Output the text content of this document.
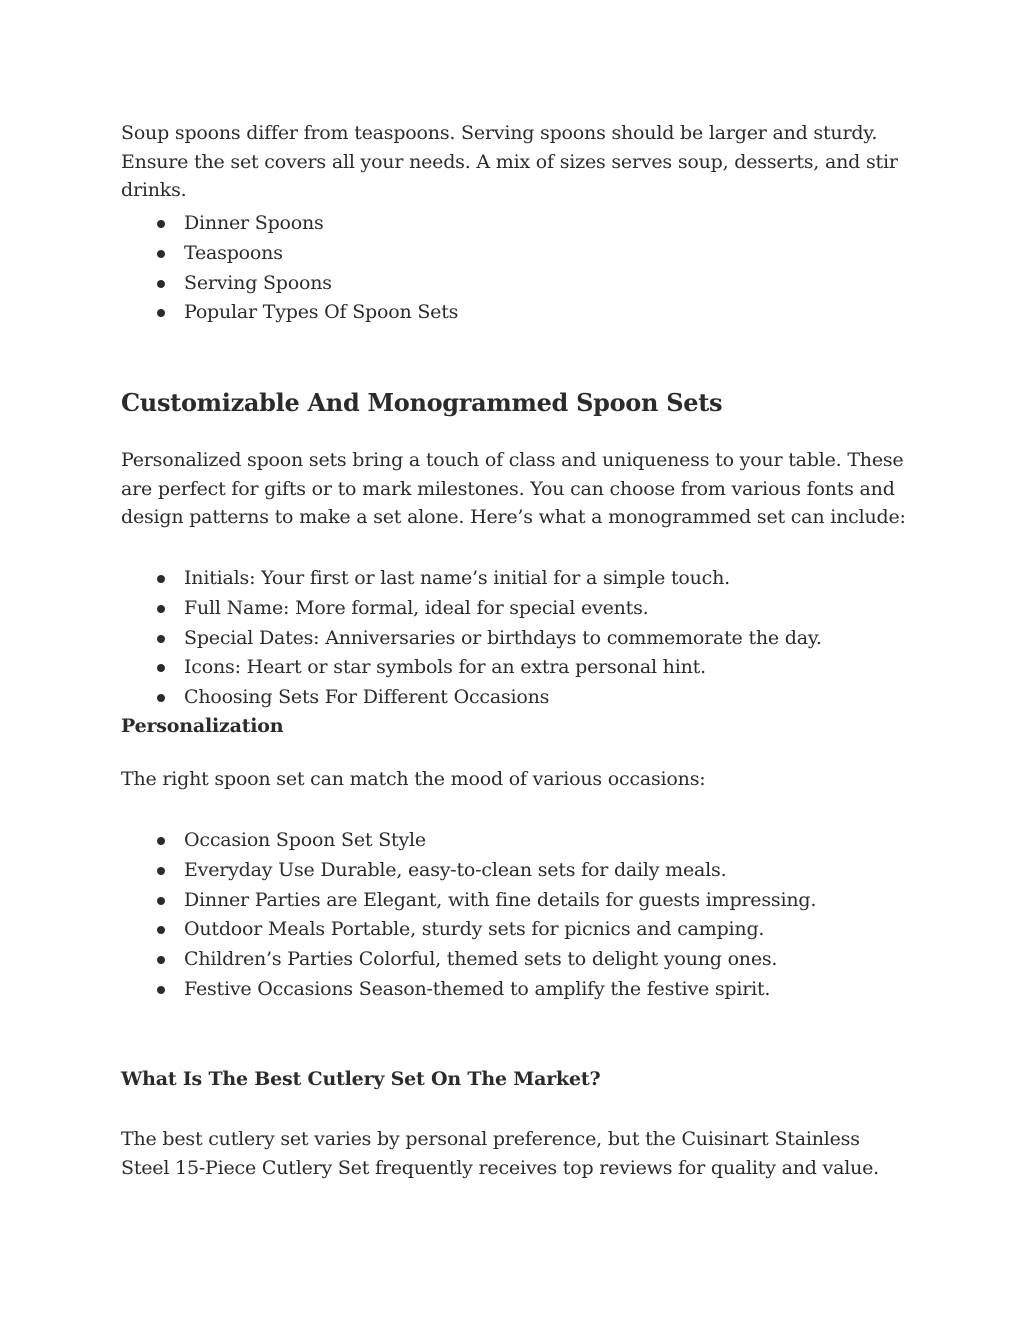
Soup spoons differ from teaspoons. Serving spoons should be larger and sturdy. Ensure the set covers all your needs. A mix of sizes serves soup, desserts, and stir drinks.

Dinner Spoons
Teaspoons
Serving Spoons
Popular Types Of Spoon Sets
Customizable And Monogrammed Spoon Sets

Personalized spoon sets bring a touch of class and uniqueness to your table. These are perfect for gifts or to mark milestones. You can choose from various fonts and design patterns to make a set alone. Here’s what a monogrammed set can include:

Initials: Your first or last name’s initial for a simple touch.
Full Name: More formal, ideal for special events.
Special Dates: Anniversaries or birthdays to commemorate the day.
Icons: Heart or star symbols for an extra personal hint.
Choosing Sets For Different Occasions
Personalization

The right spoon set can match the mood of various occasions:

Occasion Spoon Set Style
Everyday Use Durable, easy-to-clean sets for daily meals.
Dinner Parties are Elegant, with fine details for guests impressing.
Outdoor Meals Portable, sturdy sets for picnics and camping.
Children’s Parties Colorful, themed sets to delight young ones.
Festive Occasions Season-themed to amplify the festive spirit.
What Is The Best Cutlery Set On The Market?

The best cutlery set varies by personal preference, but the Cuisinart Stainless Steel 15-Piece Cutlery Set frequently receives top reviews for quality and value.
